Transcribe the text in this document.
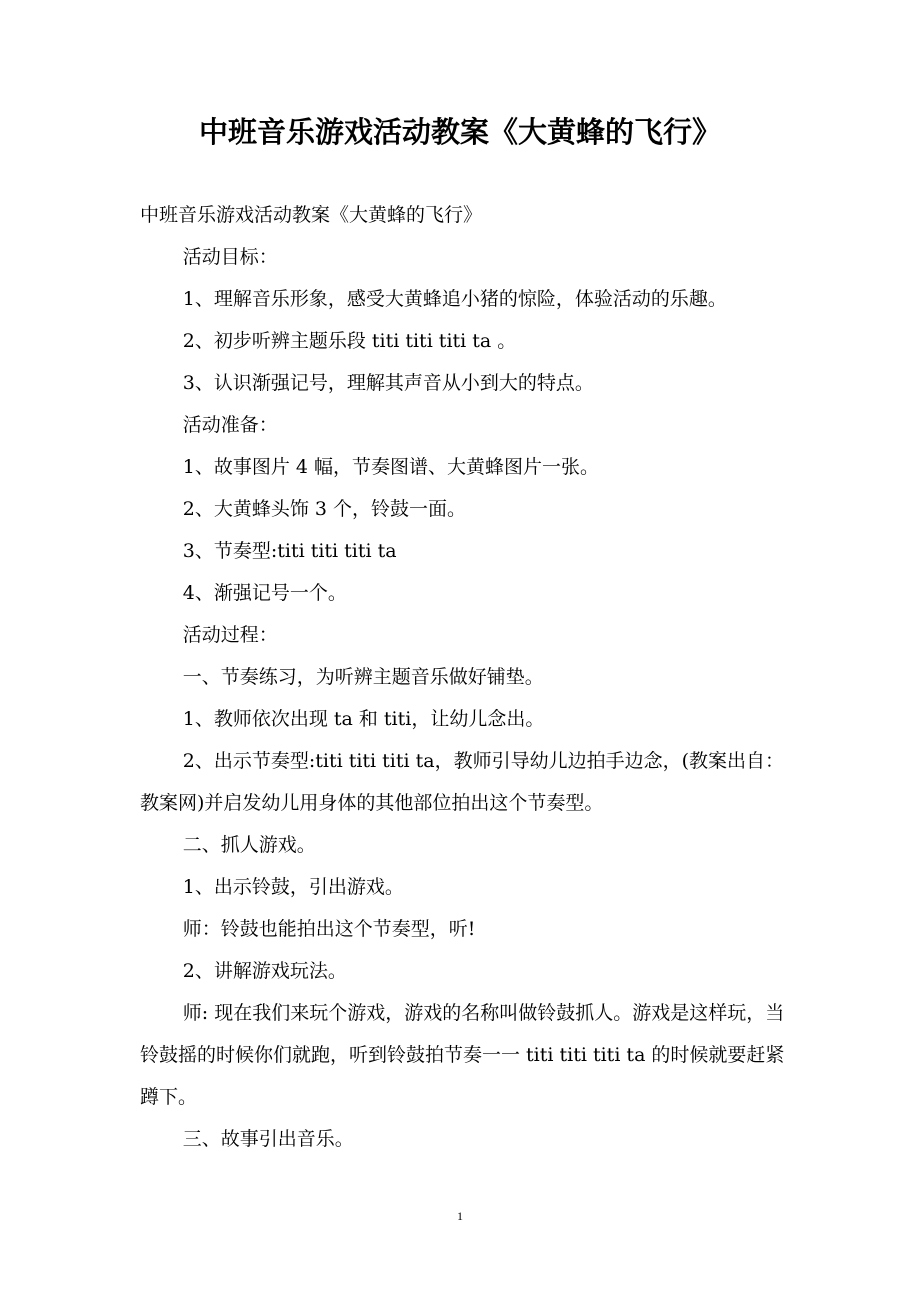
中班音乐游戏活动教案《大黄蜂的飞行》

中班音乐游戏活动教案《大黄蜂的飞行》

活动目标：

1、理解音乐形象，感受大黄蜂追小猪的惊险，体验活动的乐趣。

2、初步听辨主题乐段 titi titi titi ta 。

3、认识渐强记号，理解其声音从小到大的特点。

活动准备：

1、故事图片 4 幅，节奏图谱、大黄蜂图片一张。

2、大黄蜂头饰 3 个，铃鼓一面。

3、节奏型:titi titi titi ta

4、渐强记号一个。

活动过程：

一、节奏练习，为听辨主题音乐做好铺垫。

1、教师依次出现 ta 和 titi，让幼儿念出。

2、出示节奏型:titi titi titi ta，教师引导幼儿边拍手边念，(教案出自：教案网)并启发幼儿用身体的其他部位拍出这个节奏型。

二、抓人游戏。

1、出示铃鼓，引出游戏。

师：铃鼓也能拍出这个节奏型，听!

2、讲解游戏玩法。

师: 现在我们来玩个游戏，游戏的名称叫做铃鼓抓人。游戏是这样玩，当铃鼓摇的时候你们就跑，听到铃鼓拍节奏一一 titi titi titi ta 的时候就要赶紧蹲下。

三、故事引出音乐。

1
